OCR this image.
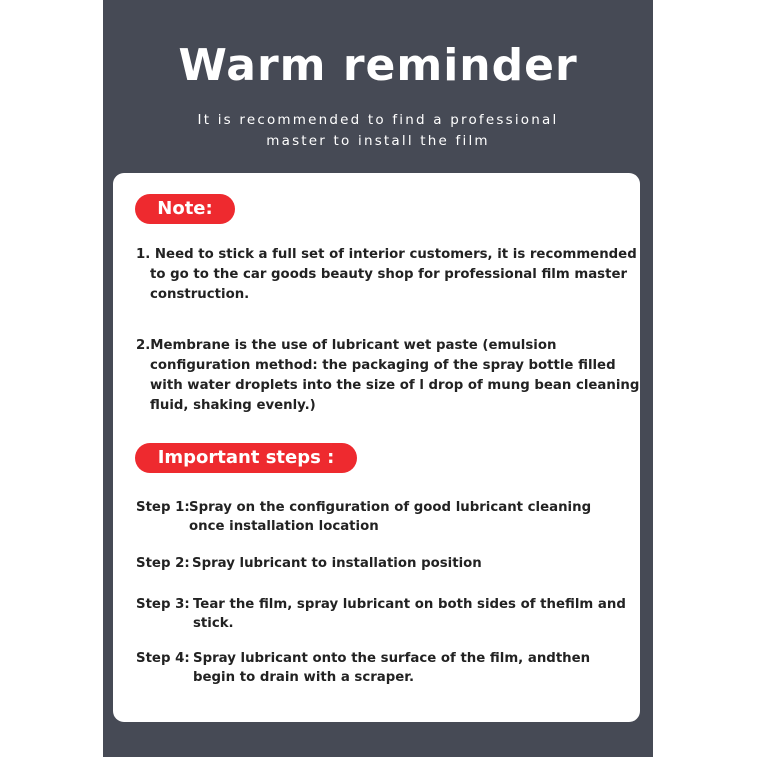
Warm reminder
It is recommended to find a professional
master to install the film
Note:
1. Need to stick a full set of interior customers, it is recommended to go to the car goods beauty shop for professional film master construction.
2.Membrane is the use of lubricant wet paste (emulsion configuration method: the packaging of the spray bottle filled with water droplets into the size of l drop of mung bean cleaning fluid, shaking evenly.)
Important steps :
Step 1: Spray on the configuration of good lubricant cleaning once installation location
Step 2: Spray lubricant to installation position
Step 3: Tear the film, spray lubricant on both sides of thefilm and stick.
Step 4: Spray lubricant onto the surface of the film, andthen begin to drain with a scraper.
